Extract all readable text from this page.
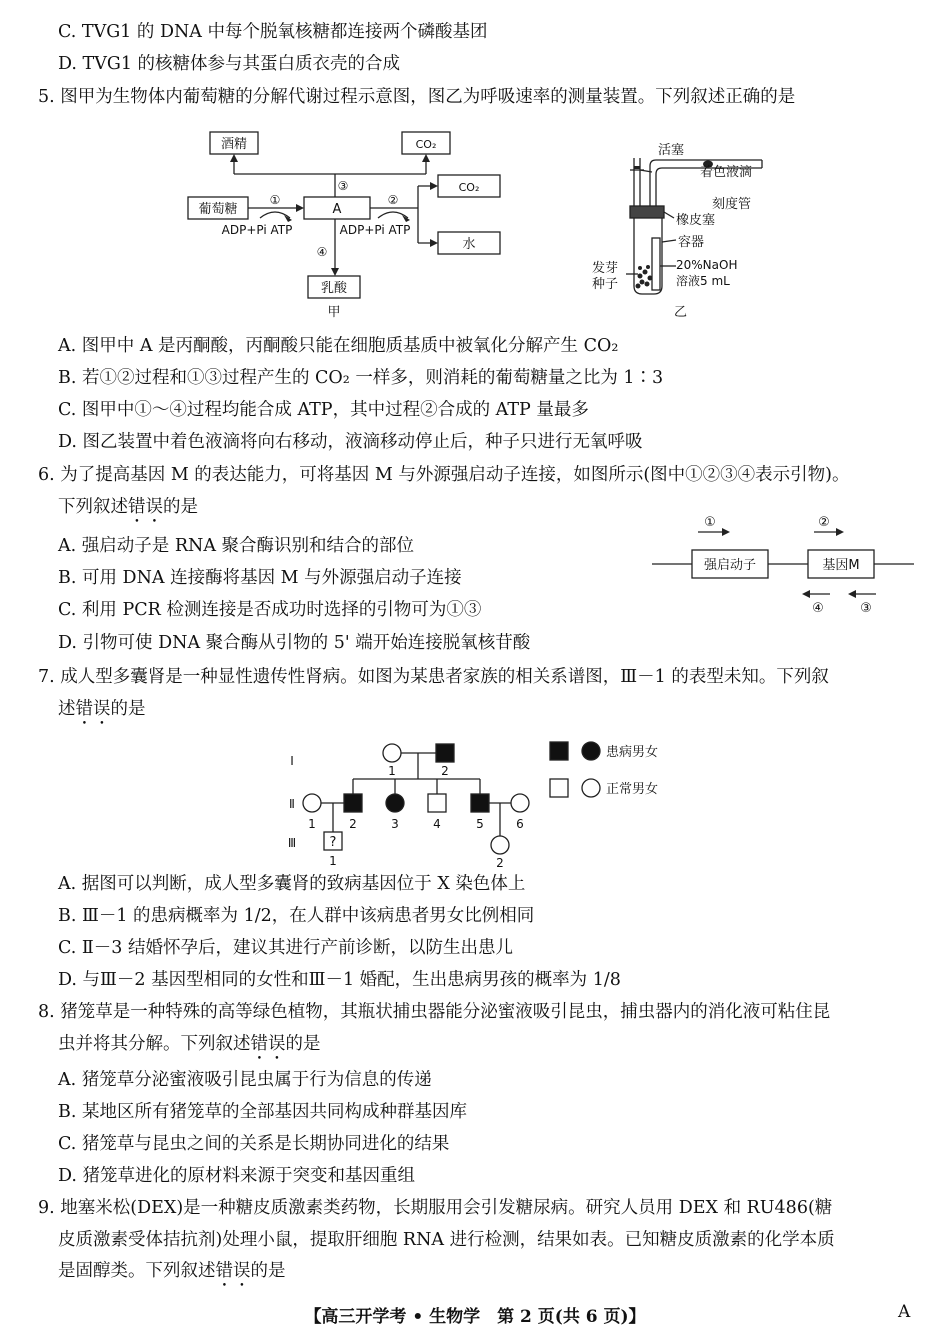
C. TVG1 的 DNA 中每个脱氧核糖都连接两个磷酸基团
D. TVG1 的核糖体参与其蛋白质衣壳的合成
5. 图甲为生物体内葡萄糖的分解代谢过程示意图，图乙为呼吸速率的测量装置。下列叙述正确的是
酒精	CO₂
③
葡萄糖
①
A
②
CO₂
ADP+Pi ATP	ADP+Pi ATP
水
④
乳酸
甲
活塞
着色液滴
刻度管
橡皮塞
容器
发芽
种子
20%NaOH
溶液5 mL
乙
A. 图甲中 A 是丙酮酸，丙酮酸只能在细胞质基质中被氧化分解产生 CO₂
B. 若①②过程和①③过程产生的 CO₂ 一样多，则消耗的葡萄糖量之比为 1∶3
C. 图甲中①～④过程均能合成 ATP，其中过程②合成的 ATP 量最多
D. 图乙装置中着色液滴将向右移动，液滴移动停止后，种子只进行无氧呼吸
6. 为了提高基因 M 的表达能力，可将基因 M 与外源强启动子连接，如图所示(图中①②③④表示引物)。
下列叙述错误的是
①	②
④	③
强启动子	基因M
A. 强启动子是 RNA 聚合酶识别和结合的部位
B. 可用 DNA 连接酶将基因 M 与外源强启动子连接
C. 利用 PCR 检测连接是否成功时选择的引物可为①③
D. 引物可使 DNA 聚合酶从引物的 5' 端开始连接脱氧核苷酸
7. 成人型多囊肾是一种显性遗传性肾病。如图为某患者家族的相关系谱图，Ⅲ－1 的表型未知。下列叙
述错误的是
Ⅰ
Ⅱ
Ⅲ
1	2
1	2	3	4	5	6
?
1	2
患病男女
正常男女
A. 据图可以判断，成人型多囊肾的致病基因位于 X 染色体上
B. Ⅲ－1 的患病概率为 1/2，在人群中该病患者男女比例相同
C. Ⅱ－3 结婚怀孕后，建议其进行产前诊断，以防生出患儿
D. 与Ⅲ－2 基因型相同的女性和Ⅲ－1 婚配，生出患病男孩的概率为 1/8
8. 猪笼草是一种特殊的高等绿色植物，其瓶状捕虫器能分泌蜜液吸引昆虫，捕虫器内的消化液可粘住昆
虫并将其分解。下列叙述错误的是
A. 猪笼草分泌蜜液吸引昆虫属于行为信息的传递
B. 某地区所有猪笼草的全部基因共同构成种群基因库
C. 猪笼草与昆虫之间的关系是长期协同进化的结果
D. 猪笼草进化的原材料来源于突变和基因重组
9. 地塞米松(DEX)是一种糖皮质激素类药物，长期服用会引发糖尿病。研究人员用 DEX 和 RU486(糖
皮质激素受体拮抗剂)处理小鼠，提取肝细胞 RNA 进行检测，结果如表。已知糖皮质激素的化学本质
是固醇类。下列叙述错误的是
【高三开学考 • 生物学　第 2 页(共 6 页)】	A
